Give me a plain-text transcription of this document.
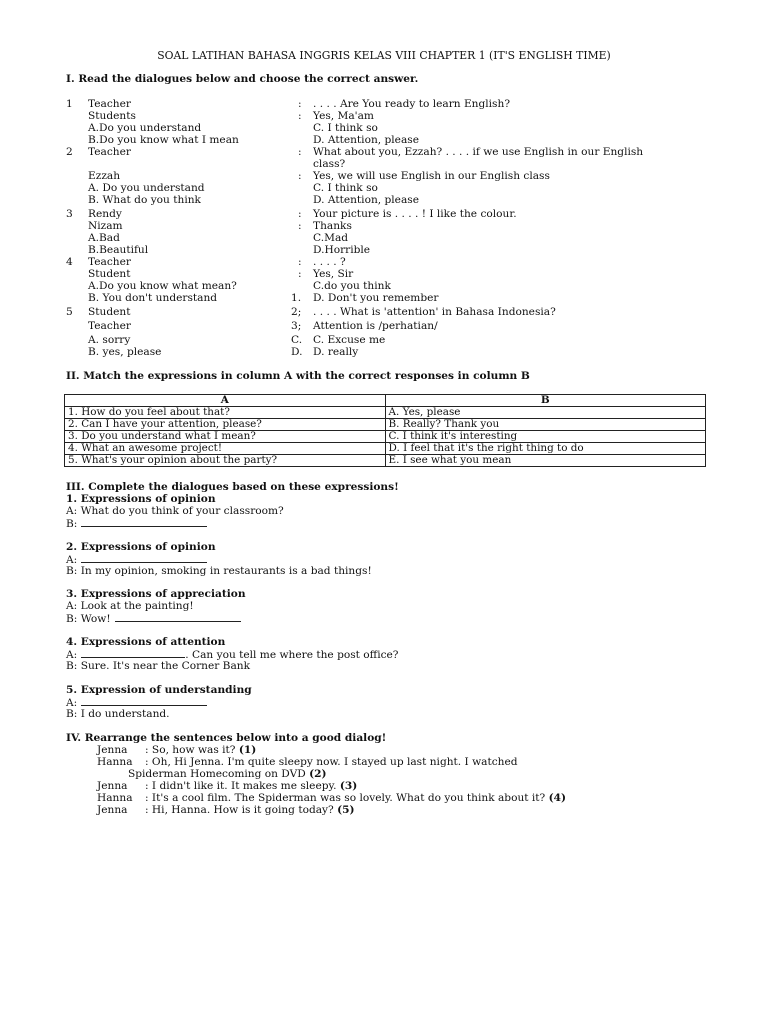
SOAL LATIHAN BAHASA INGGRIS KELAS VIII CHAPTER 1 (IT'S ENGLISH TIME)
I. Read the dialogues below and choose the correct answer.
1 Teacher	: . . . . Are You ready to learn English?
Students	: Yes, Ma'am
A.Do you understand	C. I think so
B.Do you know what I mean	D. Attention, please
2 Teacher	: What about you, Ezzah? . . . . if we use English in our English
class?
Ezzah	: Yes, we will use English in our English class
A. Do you understand	C. I think so
B. What do you think	D. Attention, please
3 Rendy	: Your picture is . . . . ! I like the colour.
Nizam	: Thanks
A.Bad	C.Mad
B.Beautiful	D.Horrible
4 Teacher	: . . . . ?
Student	: Yes, Sir
A.Do you know what mean?	C.do you think
B. You don't understand	1. D. Don't you remember
5 Student	2; . . . . What is 'attention' in Bahasa Indonesia?
Teacher	3; Attention is /perhatian/
A. sorry	C. C. Excuse me
B. yes, please	D. D. really
II. Match the expressions in column A with the correct responses in column B
A	B
1. How do you feel about that?	A. Yes, please
2. Can I have your attention, please?	B. Really? Thank you
3. Do you understand what I mean?	C. I think it's interesting
4. What an awesome project!	D. I feel that it's the right thing to do
5. What's your opinion about the party?	E. I see what you mean
III. Complete the dialogues based on these expressions!
1. Expressions of opinion
A: What do you think of your classroom?
B:
2. Expressions of opinion
A:
B: In my opinion, smoking in restaurants is a bad things!
3. Expressions of appreciation
A: Look at the painting!
B: Wow!
4. Expressions of attention
A:	. Can you tell me where the post office?
B: Sure. It's near the Corner Bank
5. Expression of understanding
A:
B: I do understand.
IV. Rearrange the sentences below into a good dialog!
Jenna : So, how was it? (1)
Hanna : Oh, Hi Jenna. I'm quite sleepy now. I stayed up last night. I watched
Spiderman Homecoming on DVD (2)
Jenna : I didn't like it. It makes me sleepy. (3)
Hanna : It's a cool film. The Spiderman was so lovely. What do you think about it? (4)
Jenna : Hi, Hanna. How is it going today? (5)
